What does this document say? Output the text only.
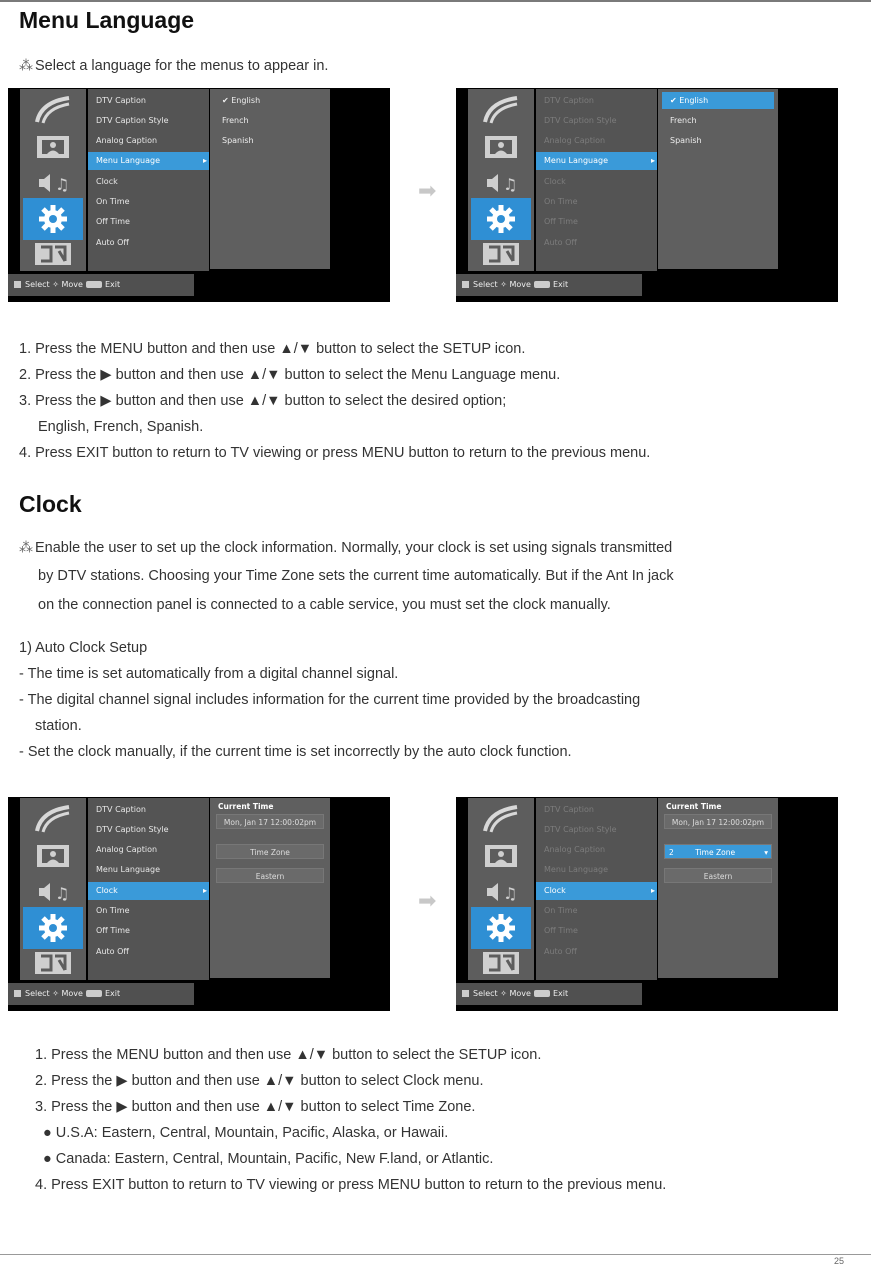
Menu Language
⁂ Select a language for the menus to appear in.
♫
DTV Caption
DTV Caption Style
Analog Caption
Menu Language ▸
Clock
On Time
Off Time
Auto Off
✔ English
French
Spanish
Select ✧ Move	Exit
➡	♫
DTV Caption
DTV Caption Style
Analog Caption
Menu Language ▸
Clock
On Time
Off Time
Auto Off
✔ English
French
Spanish
Select ✧ Move	Exit
1. Press the MENU button and then use ▲/▼ button to select the SETUP icon.
2. Press the ▶ button and then use ▲/▼ button to select the Menu Language menu.
3. Press the ▶ button and then use ▲/▼ button to select the desired option;
English, French, Spanish.
4. Press EXIT button to return to TV viewing or press MENU button to return to the previous menu.
Clock
⁂ Enable the user to set up the clock information. Normally, your clock is set using signals transmitted
by DTV stations. Choosing your Time Zone sets the current time automatically. But if the Ant In jack
on the connection panel is connected to a cable service, you must set the clock manually.
1) Auto Clock Setup
- The time is set automatically from a digital channel signal.
- The digital channel signal includes information for the current time provided by the broadcasting
station.
- Set the clock manually, if the current time is set incorrectly by the auto clock function.
♫
DTV Caption
DTV Caption Style
Analog Caption
Menu Language
Clock ▸
On Time
Off Time
Auto Off
Current Time
Mon, Jan 17 12:00:02pm
Time Zone
Eastern
Select ✧ Move	Exit
➡	♫
DTV Caption
DTV Caption Style
Analog Caption
Menu Language
Clock ▸
On Time
Off Time
Auto Off
Current Time
Mon, Jan 17 12:00:02pm
2	Time Zone	▾
Eastern
Select ✧ Move	Exit
1. Press the MENU button and then use ▲/▼ button to select the SETUP icon.
2. Press the ▶ button and then use ▲/▼ button to select Clock menu.
3. Press the ▶ button and then use ▲/▼ button to select Time Zone.
● U.S.A: Eastern, Central, Mountain, Pacific, Alaska, or Hawaii.
● Canada: Eastern, Central, Mountain, Pacific, New F.land, or Atlantic.
4. Press EXIT button to return to TV viewing or press MENU button to return to the previous menu.
25
